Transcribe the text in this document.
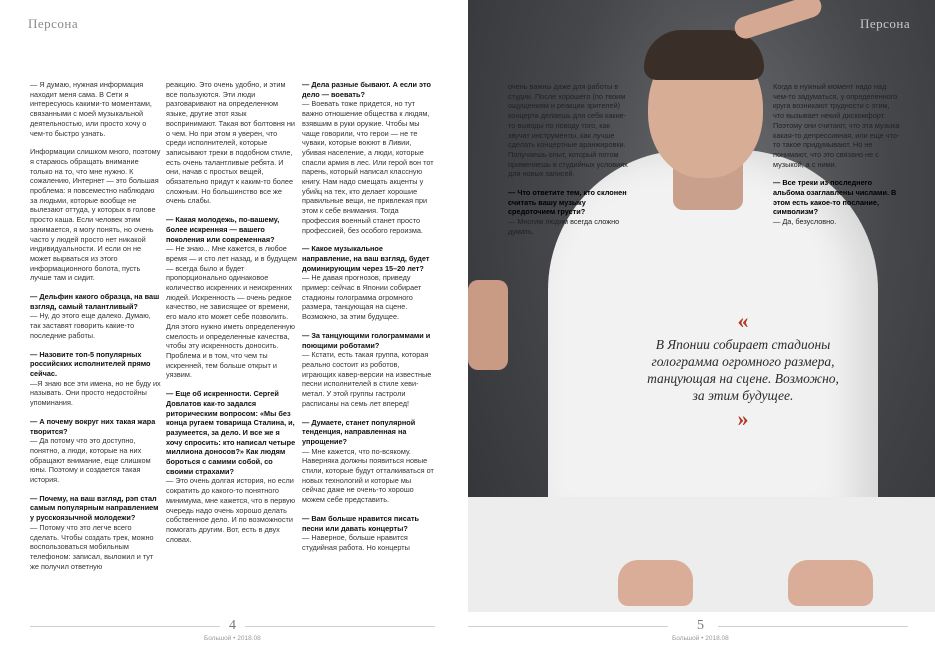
Персона

— Я думаю, нужная информация находит меня сама. В Сети я интересуюсь какими-то моментами, связанными с моей музыкальной деятельностью, или просто хочу о чем-то быстро узнать.

Информации слишком много, поэтому я стараюсь обращать внимание только на то, что мне нужно. К сожалению, Интернет — это большая проблема: я повсеместно наблюдаю за людьми, которые вообще не вылезают оттуда, у которых в голове просто каша. Если человек этим занимается, я могу понять, но очень часто у людей просто нет никакой индивидуальности. И если он не может вырваться из этого информационного болота, пусть лучше там и сидит.

— Дельфин какого образца, на ваш взгляд, самый талантливый?

— Ну, до этого еще далеко. Думаю, так заставят говорить какие-то последние работы.

— Назовите топ-5 популярных российских исполнителей прямо сейчас.

—Я знаю все эти имена, но не буду их называть. Они просто недостойны упоминания.

— А почему вокруг них такая жара творится?

— Да потому что это доступно, понятно, а люди, которые на них обращают внимание, еще слишком юны. Поэтому и создается такая история.

— Почему, на ваш взгляд, рэп стал самым популярным направлением у русскоязычной молодежи?

— Потому что это легче всего сделать. Чтобы создать трек, можно воспользоваться мобильным телефоном: записал, выложил и тут же получил ответную

реакцию. Это очень удобно, и этим все пользуются. Эти люди разговаривают на определенном языке, другие этот язык воспринимают. Такая вот болтовня ни о чем. Но при этом я уверен, что среди исполнителей, которые записывают треки в подобном стиле, есть очень талантливые ребята. И они, начав с простых вещей, обязательно придут к каким-то более сложным. Но большинство все же очень слабы.

— Какая молодежь, по-вашему, более искренняя — вашего поколения или современная?

— Не знаю... Мне кажется, в любое время — и сто лет назад, и в будущем — всегда было и будет пропорционально одинаковое количество искренних и неискренних людей. Искренность — очень редкое качество, не зависящее от времени, его мало кто может себе позволить. Для этого нужно иметь определенную смелость и определенные качества, чтобы эту искренность доносить. Проблема и в том, что чем ты искренней, тем больше открыт и уязвим.

— Еще об искренности. Сергей Довлатов как-то задался риторическим вопросом: «Мы без конца ругаем товарища Сталина, и, разумеется, за дело. И все же я хочу спросить: кто написал четыре миллиона доносов?» Как людям бороться с самими собой, со своими страхами?

— Это очень долгая история, но если сократить до какого-то понятного минимума, мне кажется, что в первую очередь надо очень хорошо делать собственное дело. И по возможности помогать другим. Вот, есть в двух словах.

— Дела разные бывают. А если это дело — воевать?

— Воевать тоже придется, но тут важно отношение общества к людям, взявшим в руки оружие. Чтобы мы чаще говорили, что герои — не те чуваки, которые воюют в Ливии, убивая население, а люди, которые спасли армия в лес. Или герой вон тот парень, который написал классную книгу. Нам надо смещать акценты у убийц на тех, кто делает хорошие правильные вещи, не привлекая при этом к себе внимания. Тогда профессия военный станет просто профессией, без особого героизма.

— Какое музыкальное направление, на ваш взгляд, будет доминирующим через 15–20 лет?

— Не давая прогнозов, приведу пример: сейчас в Японии собирает стадионы голограмма огромного размера, танцующая на сцене. Возможно, за этим будущее.

— За танцующими голограммами и поющими роботами?

— Кстати, есть такая группа, которая реально состоит из роботов, играющих кавер-версии на известные песни исполнителей в стиле хеви-метал. У этой группы гастроли расписаны на семь лет вперед!

— Думаете, станет популярной тенденция, направленная на упрощение?

— Мне кажется, что по-всякому. Наверняка должны появиться новые стили, которые будут отталкиваться от новых технологий и которые мы сейчас даже не очень-то хорошо можем себе представить.

— Вам больше нравится писать песни или давать концерты?

— Наверное, больше нравится студийная работа. Но концерты

4
Большой • 2018.08
Персона

очень важны даже для работы в студии. После хорошего (по твоим ощущениям и реакции зрителей) концерта делаешь для себя какие-то выводы по поводу того, как звучат инструменты, как лучше сделать концертные аранжировки. Получаешь опыт, который потом применяешь в студийных условиях для новых записей.

— Что ответите тем, кто склонен считать вашу музыку средоточием грусти?

— Многим людям всегда сложно думать.

Когда в нужный момент надо над чем-то задуматься, у определенного круга возникают трудности с этим, что вызывает некий дискомфорт. Поэтому они считают, что эта музыка какая-то депрессивная, или еще что-то такое придумывают. Но не понимают, что это связано не с музыкой, а с ними.

— Все треки из последнего альбома озаглавлены числами. В этом есть какое-то послание, символизм?

— Да, безусловно.

«
В Японии собирает стадионы голограмма огромного размера, танцующая на сцене. Возможно, за этим будущее.
»
5
Большой • 2018.08
